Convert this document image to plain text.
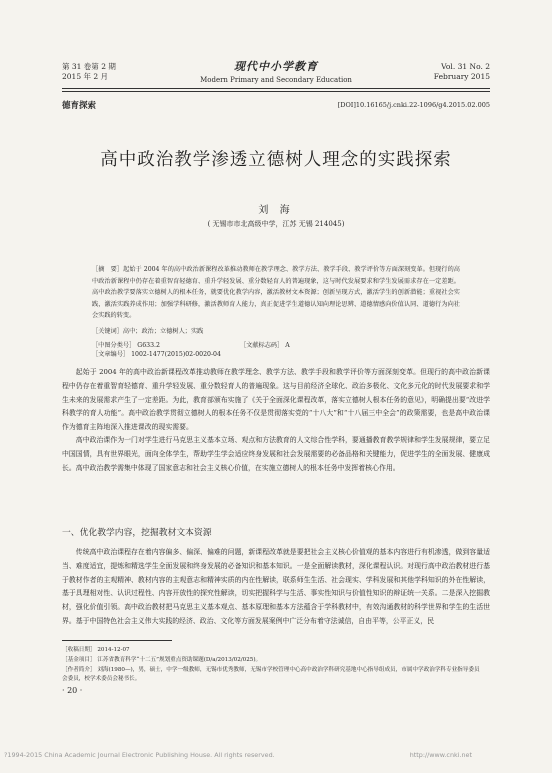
第 31 卷第 2 期
2015 年 2 月
现代中小学教育
Modern Primary and Secondary Education
Vol. 31 No. 2
February 2015
德育探索	[DOI]10.16165/j.cnki.22-1096/g4.2015.02.005
高中政治教学渗透立德树人理念的实践探索
刘 海
( 无锡市市北高级中学，江苏 无锡 214045)
［摘　要］起始于 2004 年的高中政治新课程改革推动教师在教学理念、教学方法、教学手段、教学评价等方面深刻变革。但现行的高中政治新课程中仍存在着重智育轻德育、重升学轻发展、重分数轻育人的普遍现象，这与时代发展要求和学生发展需求存在一定差距。高中政治教学要落实立德树人的根本任务，就要优化教学内容，激活教材文本资源；创新呈现方式，激活学生的创新潜能；重视社会实践，激活实践养成作用；加强学科研修，激活教师育人能力，真正促进学生道德认知向理论思辨、道德情感向价值认同、道德行为向社会实践的转变。
［关键词］高中；政治；立德树人；实践
［中图分类号］ G633.2	［文献标志码］ A［文章编号］ 1002-1477(2015)02-0020-04

起始于 2004 年的高中政治新课程改革推动教师在教学理念、教学方法、教学手段和教学评价等方面深刻变革。但现行的高中政治新课程中仍存在着重智育轻德育、重升学轻发展、重分数轻育人的普遍现象。这与目前经济全球化、政治多极化、文化多元化的时代发展要求和学生未来的发展需求产生了一定差距。为此，教育部颁布实施了《关于全面深化课程改革，落实立德树人根本任务的意见》，明确提出要“改进学科教学的育人功能”。高中政治教学贯彻立德树人的根本任务不仅是贯彻落实党的“十八大”和“十八届三中全会”的政策需要，也是高中政治课作为德育主阵地深入推进课改的现实需要。

高中政治课作为一门对学生进行马克思主义基本立场、观点和方法教育的人文综合性学科，要通播教育教学规律和学生发展规律，要立足中国国情，具有世界眼光，面向全体学生，帮助学生学会适应终身发展和社会发展需要的必备品格和关键能力，促进学生的全面发展、健康成长。高中政治教学需集中体现了国家意志和社会主义核心价值，在实施立德树人的根本任务中发挥着核心作用。

一、优化教学内容，挖掘教材文本资源

传统高中政治课程存在着内容偏多、偏深、偏难的问题，新课程改革就是要把社会主义核心价值观的基本内容进行有机渗透，做到容量适当、难度适宜，提炼和精选学生全面发展和终身发展的必备知识和基本知识。一是全面解读教材，深化课程认识。对现行高中政治教材进行基于教材作者的主观精神、教材内容的主观意志和精神实质的内在性解读，联系师生生活、社会现实、学科发展和其他学科知识的外在性解读，基于具理相对性、认识过程性、内容开放性的探究性解读，切实把握科学与生活、事实性知识与价值性知识的辩证统一关系。二是深入挖掘教材，强化价值引领。高中政治教材把马克思主义基本观点、基本原理和基本方法蕴含于学科教材中，有效沟通教材的科学世界和学生的生活世界。基于中国特色社会主义伟大实践的经济、政治、文化等方面发展案例中广泛分布着守法诚信，自由平等，公平正义，民

［收稿日期］ 2014-12-07
［基金项目］ 江苏省教育科学“十二五”规划重点资助课题(D/a/2013/02/025)。
［作者简介］ 刘海(1980—)，男，硕士，中学一级教师，无锡市优秀教师，无锡市学校管理中心高中政治学科研究基地中心指导组成员，市属中学政治学科专业指导委员会委员，校学术委员会秘书长。
· 20 ·
?1994-2015 China Academic Journal Electronic Publishing House. All rights reserved.	http://www.cnki.net
